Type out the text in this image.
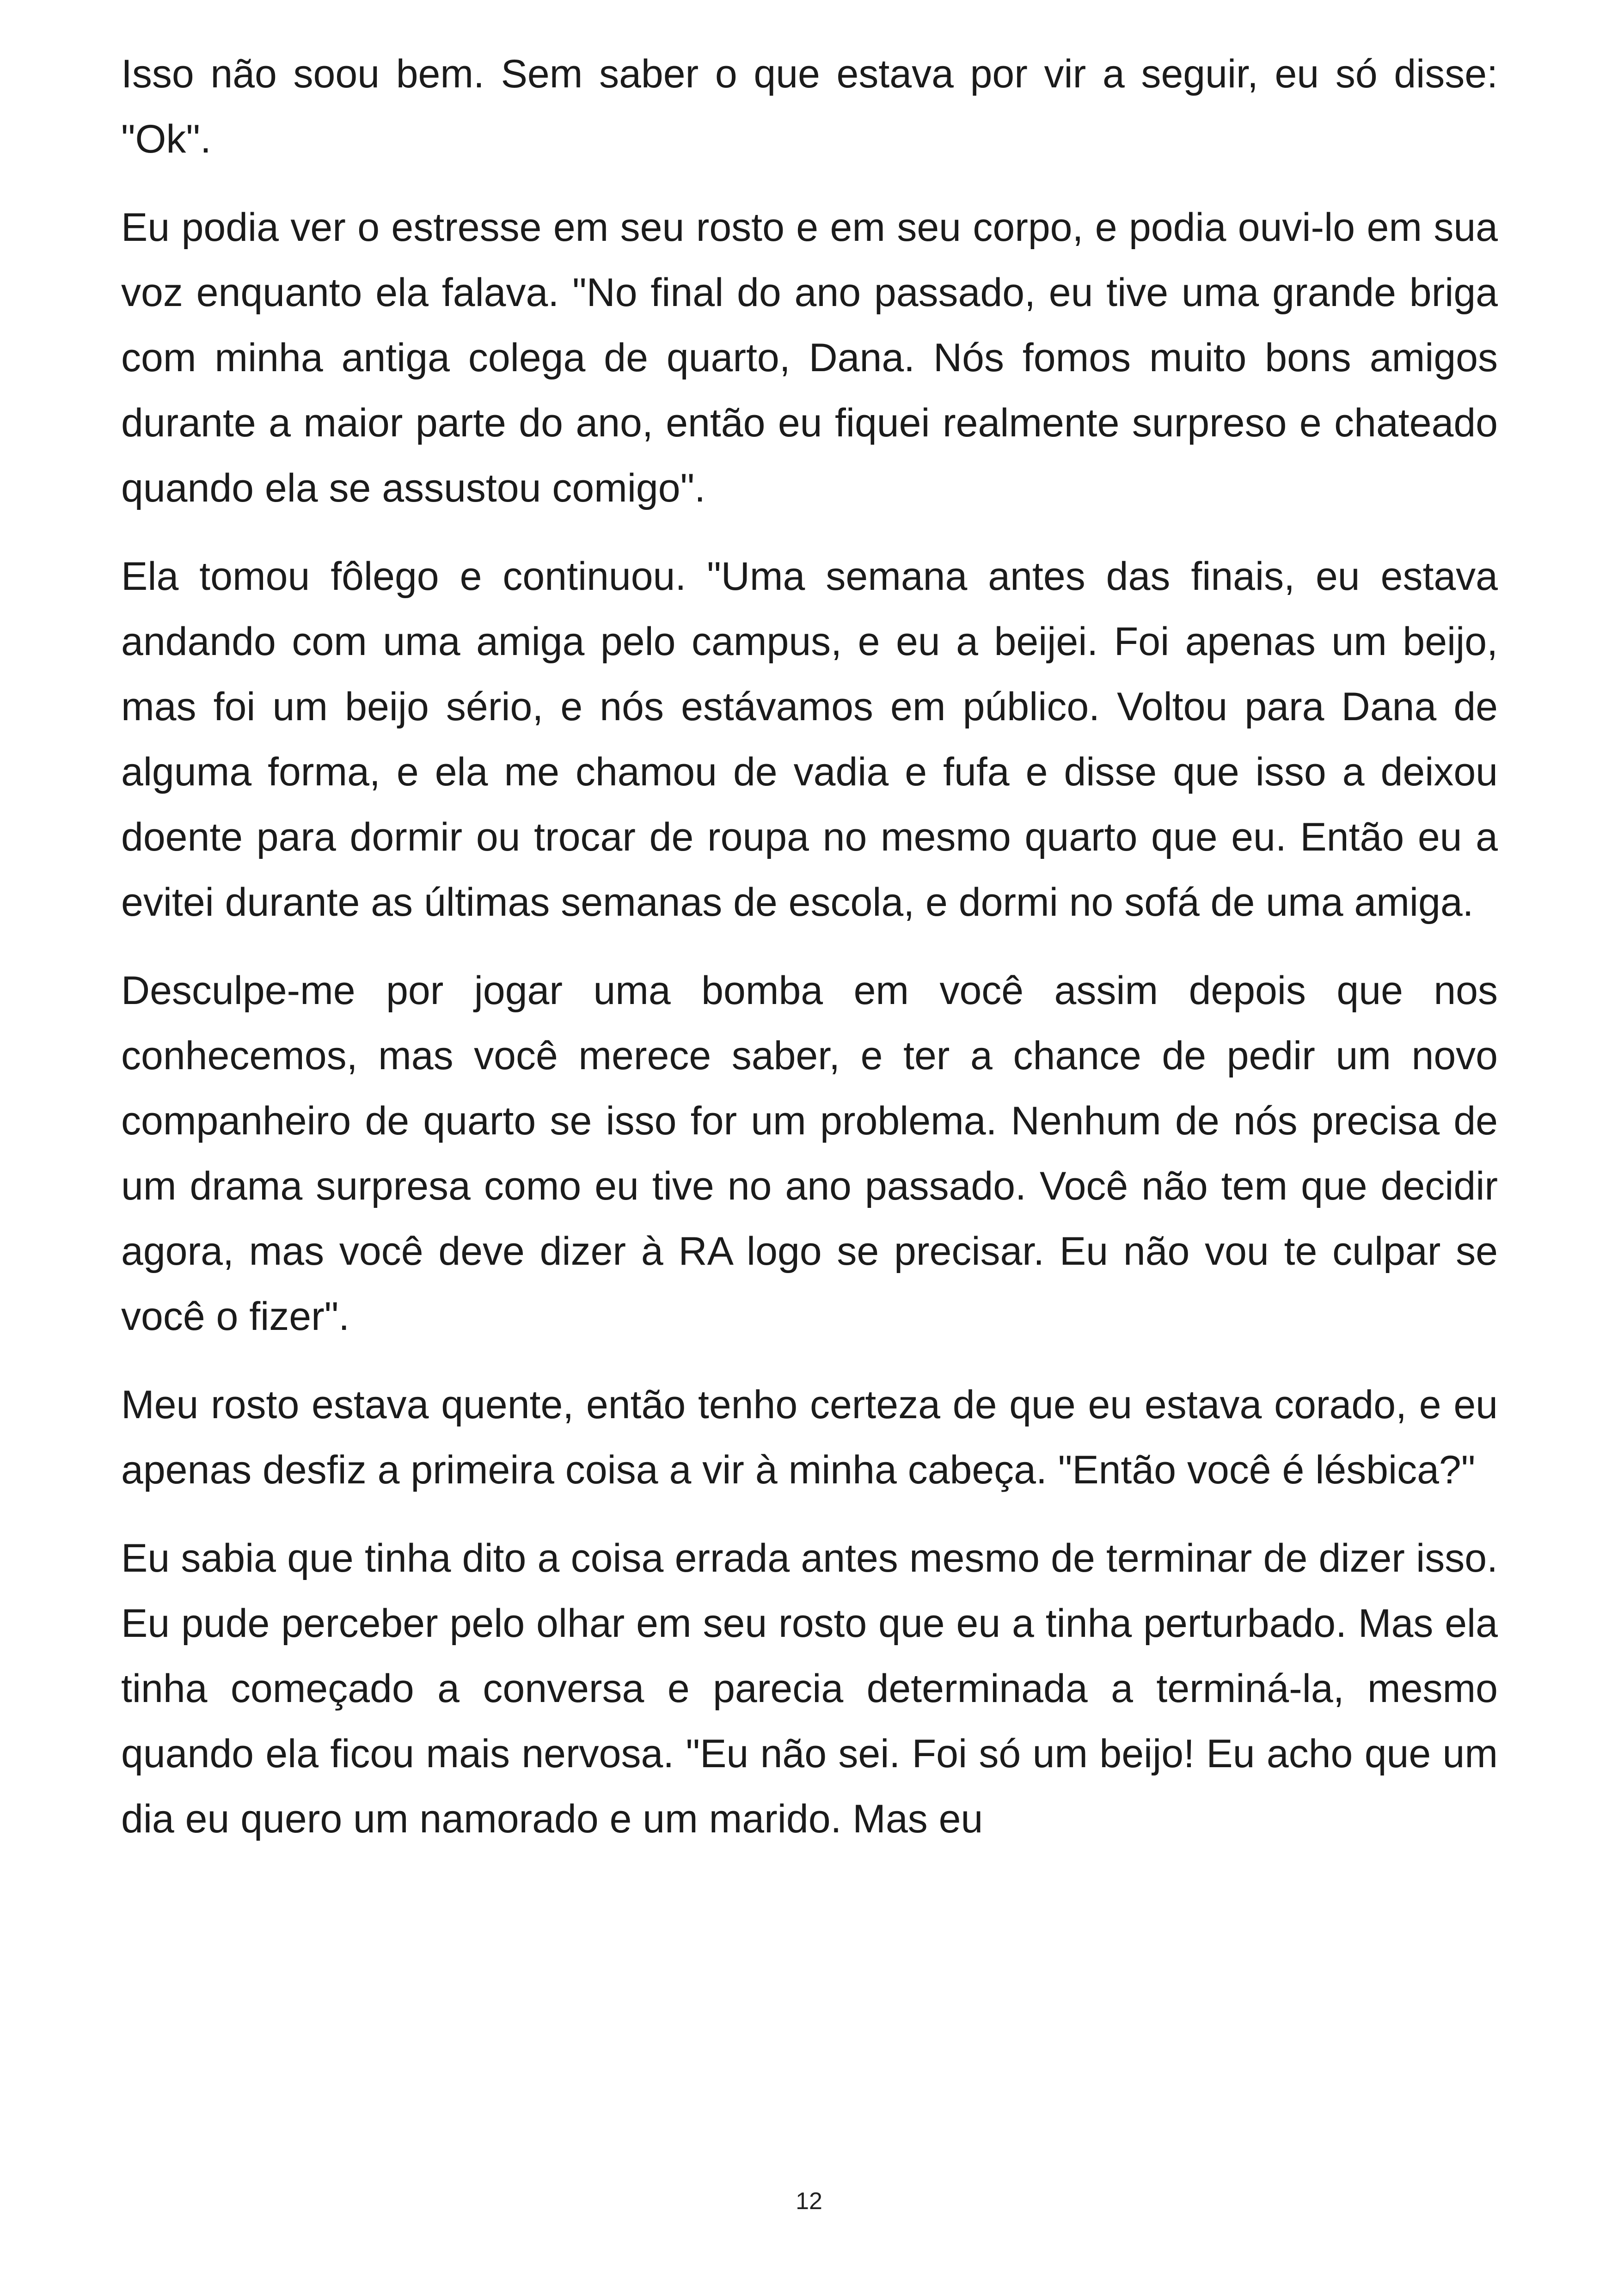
Isso não soou bem. Sem saber o que estava por vir a seguir, eu só disse: "Ok".

Eu podia ver o estresse em seu rosto e em seu corpo, e podia ouvi-lo em sua voz enquanto ela falava. "No final do ano passado, eu tive uma grande briga com minha antiga colega de quarto, Dana. Nós fomos muito bons amigos durante a maior parte do ano, então eu fiquei realmente surpreso e chateado quando ela se assustou comigo".

Ela tomou fôlego e continuou. "Uma semana antes das finais, eu estava andando com uma amiga pelo campus, e eu a beijei. Foi apenas um beijo, mas foi um beijo sério, e nós estávamos em público. Voltou para Dana de alguma forma, e ela me chamou de vadia e fufa e disse que isso a deixou doente para dormir ou trocar de roupa no mesmo quarto que eu. Então eu a evitei durante as últimas semanas de escola, e dormi no sofá de uma amiga.

Desculpe-me por jogar uma bomba em você assim depois que nos conhecemos, mas você merece saber, e ter a chance de pedir um novo companheiro de quarto se isso for um problema. Nenhum de nós precisa de um drama surpresa como eu tive no ano passado. Você não tem que decidir agora, mas você deve dizer à RA logo se precisar. Eu não vou te culpar se você o fizer".

Meu rosto estava quente, então tenho certeza de que eu estava corado, e eu apenas desfiz a primeira coisa a vir à minha cabeça. "Então você é lésbica?"

Eu sabia que tinha dito a coisa errada antes mesmo de terminar de dizer isso. Eu pude perceber pelo olhar em seu rosto que eu a tinha perturbado. Mas ela tinha começado a conversa e parecia determinada a terminá-la, mesmo quando ela ficou mais nervosa. "Eu não sei. Foi só um beijo! Eu acho que um dia eu quero um namorado e um marido. Mas eu

12
